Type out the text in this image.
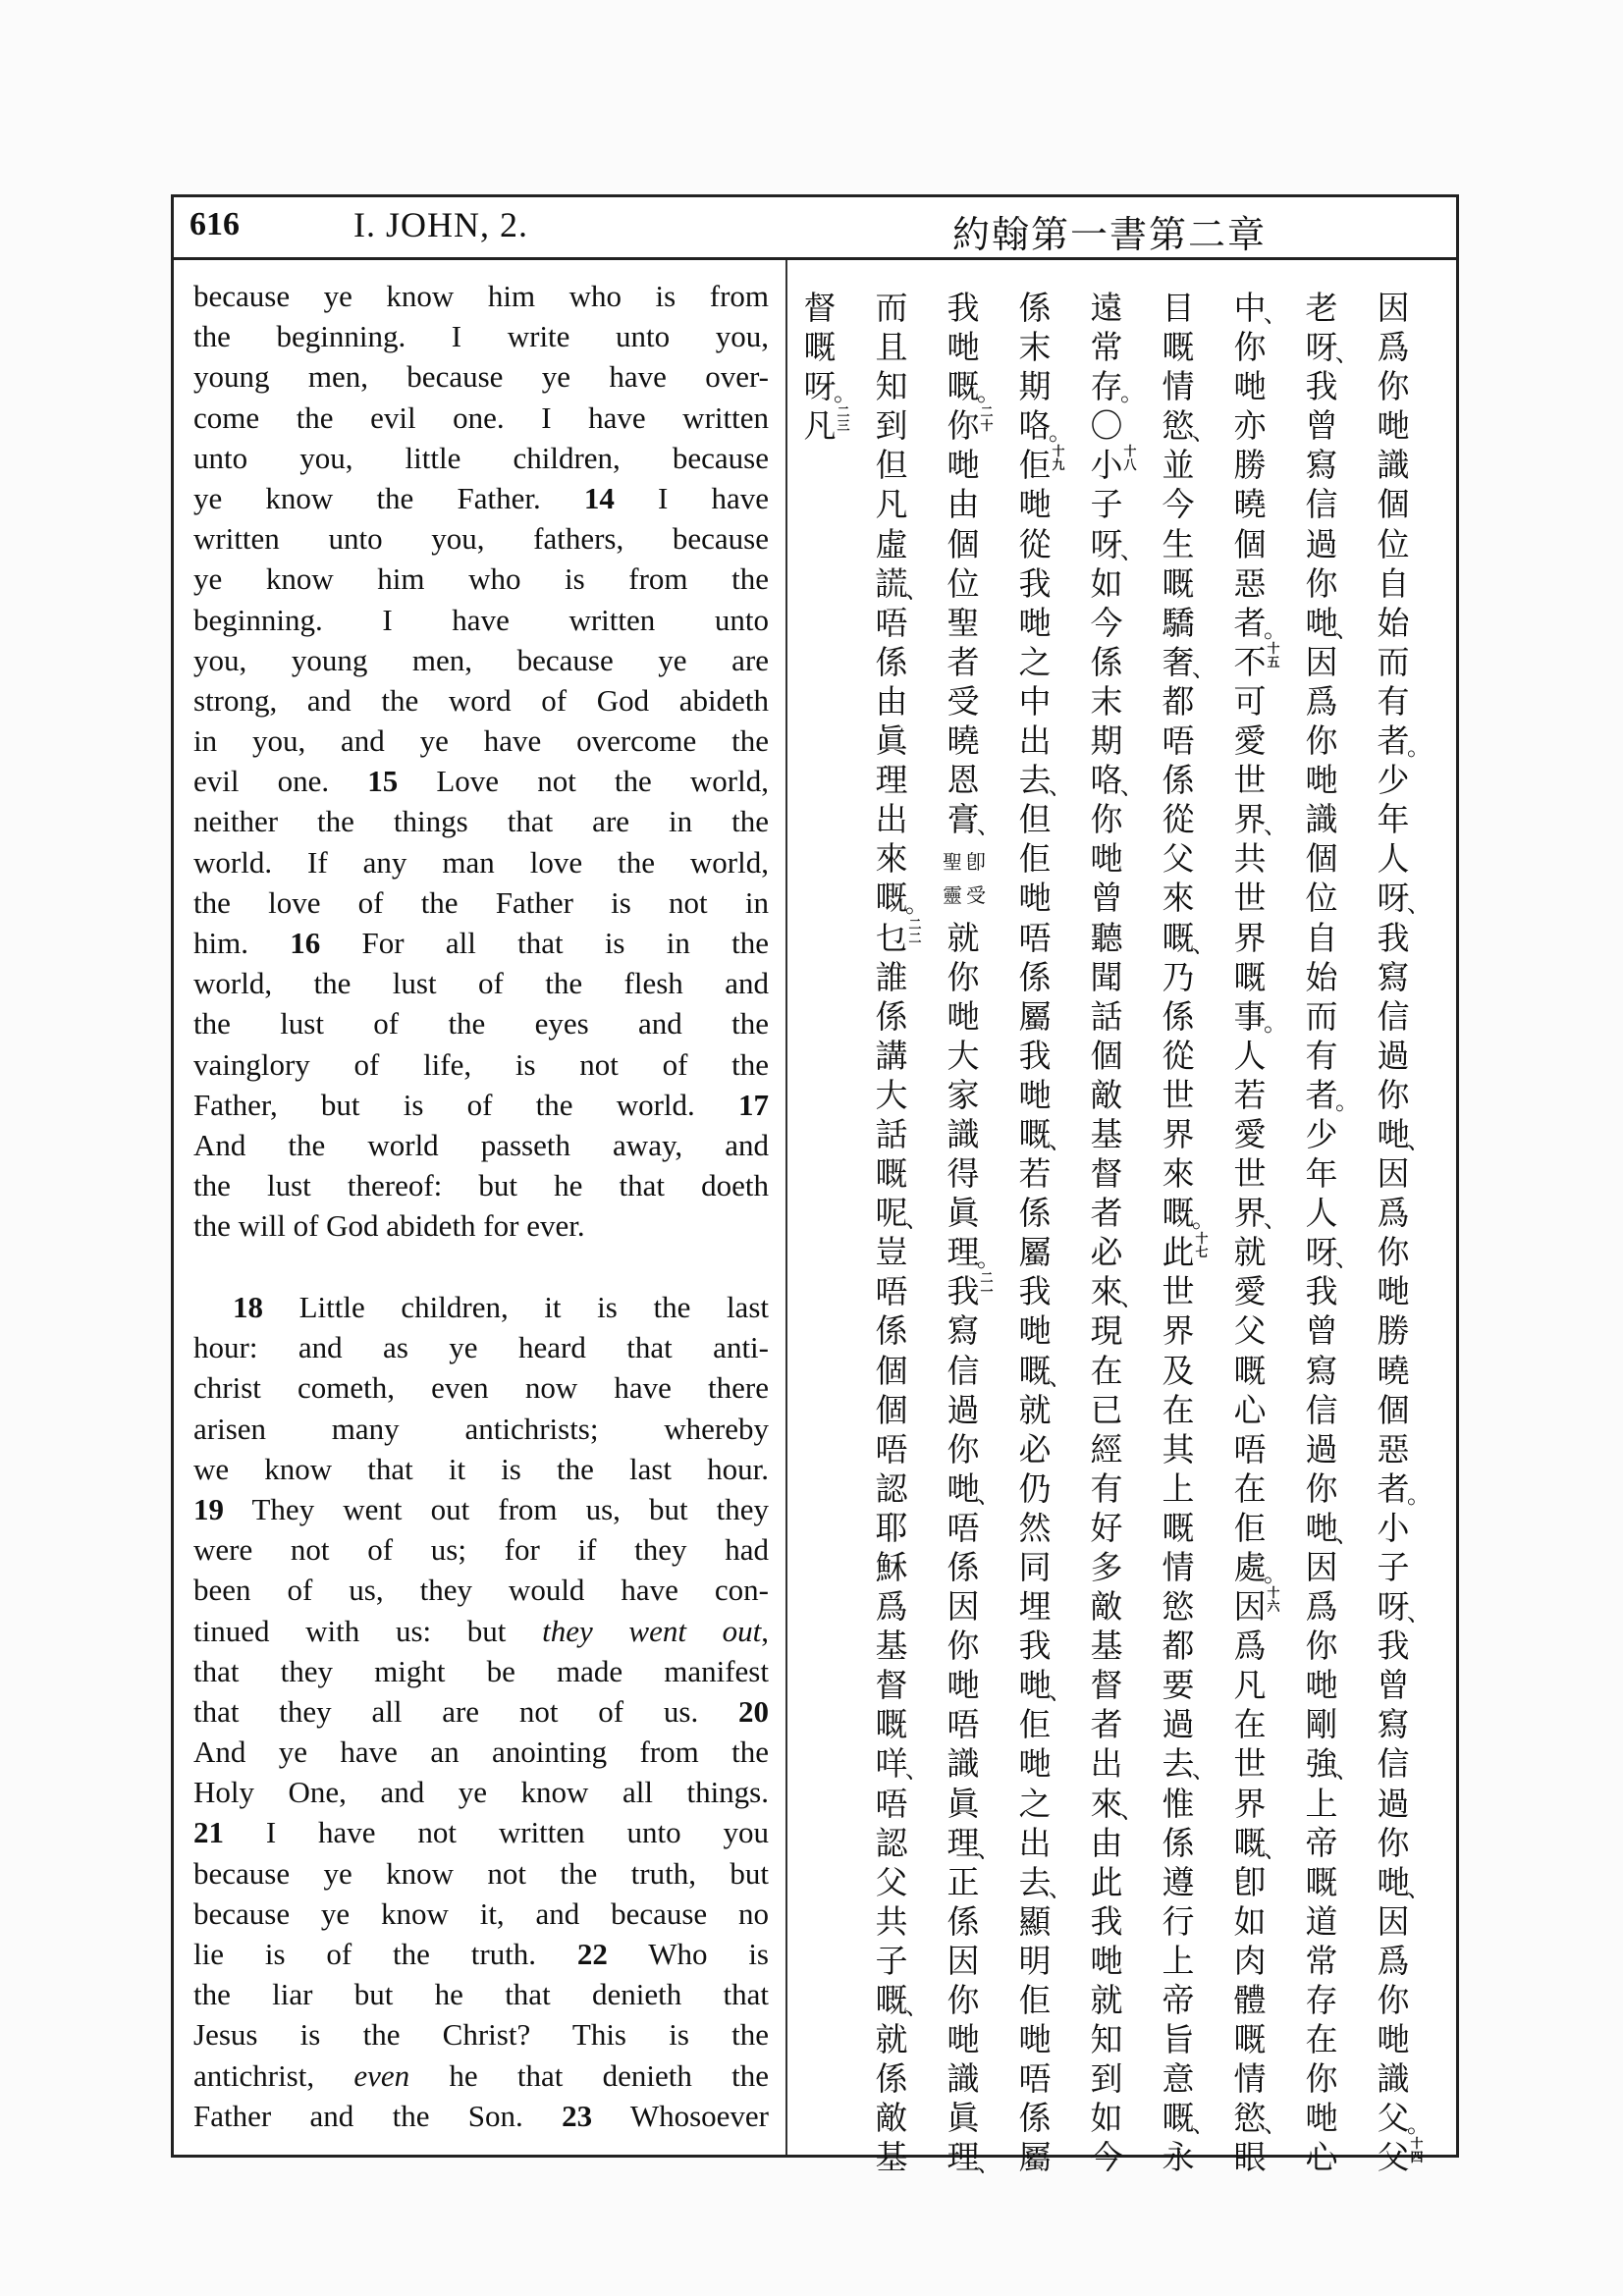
616	I. JOHN, 2.	約翰第一書第二章
because ye know him who is from
the beginning. I write unto you,
young men, because ye have over-
come the evil one. I have written
unto you, little children, because
ye know the Father. 14 I have
written unto you, fathers, because
ye know him who is from the
beginning. I have written unto
you, young men, because ye are
strong, and the word of God abideth
in you, and ye have overcome the
evil one. 15 Love not the world,
neither the things that are in the
world. If any man love the world,
the love of the Father is not in
him. 16 For all that is in the
world, the lust of the flesh and
the lust of the eyes and the
vainglory of life, is not of the
Father, but is of the world. 17
And the world passeth away, and
the lust thereof: but he that doeth
the will of God abideth for ever.
18 Little children, it is the last
hour: and as ye heard that anti-
christ cometh, even now have there
arisen many antichrists; whereby
we know that it is the last hour.
19 They went out from us, but they
were not of us; for if they had
been of us, they would have con-
tinued with us: but they went out,
that they might be made manifest
that they all are not of us. 20
And ye have an anointing from the
Holy One, and ye know all things.
21 I have not written unto you
because ye know not the truth, but
because ye know it, and because no
lie is of the truth. 22 Who is
the liar but he that denieth that
Jesus is the Christ? This is the
antichrist, even he that denieth the
Father and the Son. 23 Whosoever
因
爲
你
哋
識
個
位
自
始
而
有
者
。
少
年
人
呀
、
我
寫
信
過
你
哋
、
因
爲
你
哋
勝
曉
個
惡
者
。
小
子
呀
、
我
曾
寫
信
過
你
哋
、
因
爲
你
哋
識
父
。
父 十
四
老
呀
、
我
曾
寫
信
過
你
哋
、
因
爲
你
哋
識
個
位
自
始
而
有
者
。
少
年
人
呀
、
我
曾
寫
信
過
你
哋
、
因
爲
你
哋
剛
強
、
上
帝
嘅
道
常
存
在
你
哋
心
中
、
你
哋
亦
勝
曉
個
惡
者
。
不 十
五
可
愛
世
界
、
共
世
界
嘅
事
。
人
若
愛
世
界
、
就
愛
父
嘅
心
唔
在
佢
處
。
因 十
六
爲
凡
在
世
界
嘅
、
卽
如
肉
體
嘅
情
慾
、
眼
目
嘅
情
慾
、
並
今
生
嘅
驕
奢
、
都
唔
係
從
父
來
嘅
、
乃
係
從
世
界
來
嘅
。
此 十
七
世
界
及
在
其
上
嘅
情
慾
都
要
過
去
、
惟
係
遵
行
上
帝
旨
意
嘅
、
永
遠
常
存
。
〇
小 十
八
子
呀
、
如
今
係
末
期
咯
、
你
哋
曾
聽
聞
話
個
敵
基
督
者
必
來
、
現
在
已
經
有
好
多
敵
基
督
者
出
來
、
由
此
我
哋
就
知
到
如
今
係
末
期
咯
。
佢 十
九
哋
從
我
哋
之
中
出
去
、
但
佢
哋
唔
係
屬
我
哋
嘅
、
若
係
屬
我
哋
嘅
、
就
必
仍
然
同
埋
我
哋
、
佢
哋
之
出
去
、
顯
明
佢
哋
唔
係
屬
我
哋
嘅
。
你 二
十
哋
由
個
位
聖
者
受
曉
恩
膏
、
卽
受
聖
靈
就
你
哋
大
家
識
得
眞
理
。
我 二
一
寫
信
過
你
哋
、
唔
係
因
你
哋
唔
識
眞
理
、
正
係
因
你
哋
識
眞
理
、
而
且
知
到
但
凡
虛
謊
、
唔
係
由
眞
理
出
來
嘅
。
乜 二
二
誰
係
講
大
話
嘅
呢
、
豈
唔
係
個
個
唔
認
耶
穌
爲
基
督
嘅
咩
、
唔
認
父
共
子
嘅
、
就
係
敵
基
督
嘅
呀
。
凡 二
三
